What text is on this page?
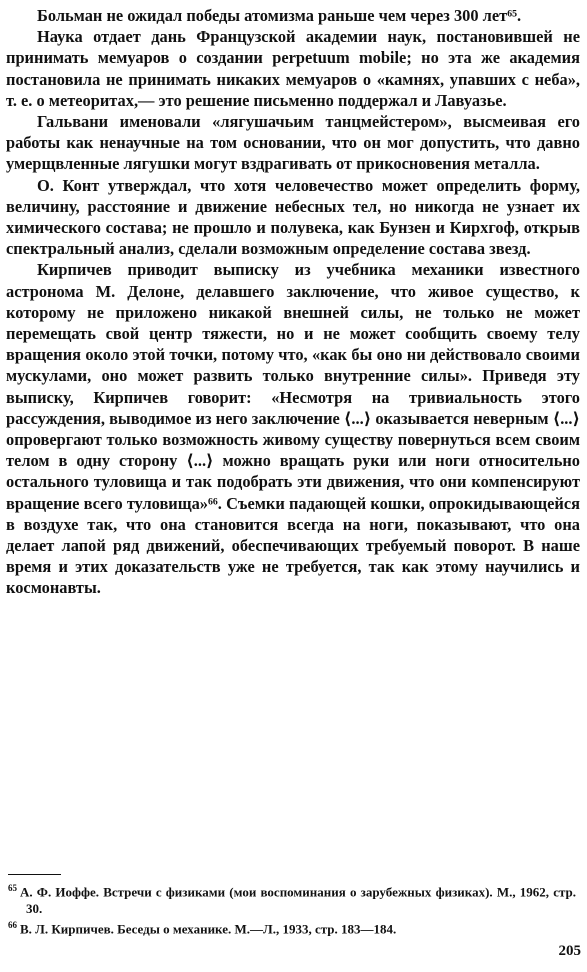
Больман не ожидал победы атомизма раньше чем через 300 лет⁶⁵.

Наука отдает дань Французской академии наук, постановившей не принимать мемуаров о создании perpetuum mobile; но эта же академия постановила не принимать никаких мемуаров о «камнях, упавших с неба», т. е. о метеоритах,— это решение письменно поддержал и Лавуазье.

Гальвани именовали «лягушачьим танцмейстером», высмеивая его работы как ненаучные на том основании, что он мог допустить, что давно умерщвленные лягушки могут вздрагивать от прикосновения металла.

О. Конт утверждал, что хотя человечество может определить форму, величину, расстояние и движение небесных тел, но никогда не узнает их химического состава; не прошло и полувека, как Бунзен и Кирхгоф, открыв спектральный анализ, сделали возможным определение состава звезд.

Кирпичев приводит выписку из учебника механики известного астронома М. Делоне, делавшего заключение, что живое существо, к которому не приложено никакой внешней силы, не только не может перемещать свой центр тяжести, но и не может сообщить своему телу вращения около этой точки, потому что, «как бы оно ни действовало своими мускулами, оно может развить только внутренние силы». Приведя эту выписку, Кирпичев говорит: «Несмотря на тривиальность этого рассуждения, выводимое из него заключение ⟨...⟩ оказывается неверным ⟨...⟩ опровергают только возможность живому существу повернуться всем своим телом в одну сторону ⟨...⟩ можно вращать руки или ноги относительно остального туловища и так подобрать эти движения, что они компенсируют вращение всего туловища»⁶⁶. Съемки падающей кошки, опрокидывающейся в воздухе так, что она становится всегда на ноги, показывают, что она делает лапой ряд движений, обеспечивающих требуемый поворот. В наше время и этих доказательств уже не требуется, так как этому научились и космонавты.

$^{65}$ А. Ф. Иоффе. Встречи с физиками (мои воспоминания о зарубежных физиках). М., 1962, стр. 30.

$^{66}$ В. Л. Кирпичев. Беседы о механике. М.—Л., 1933, стр. 183—184.

205
